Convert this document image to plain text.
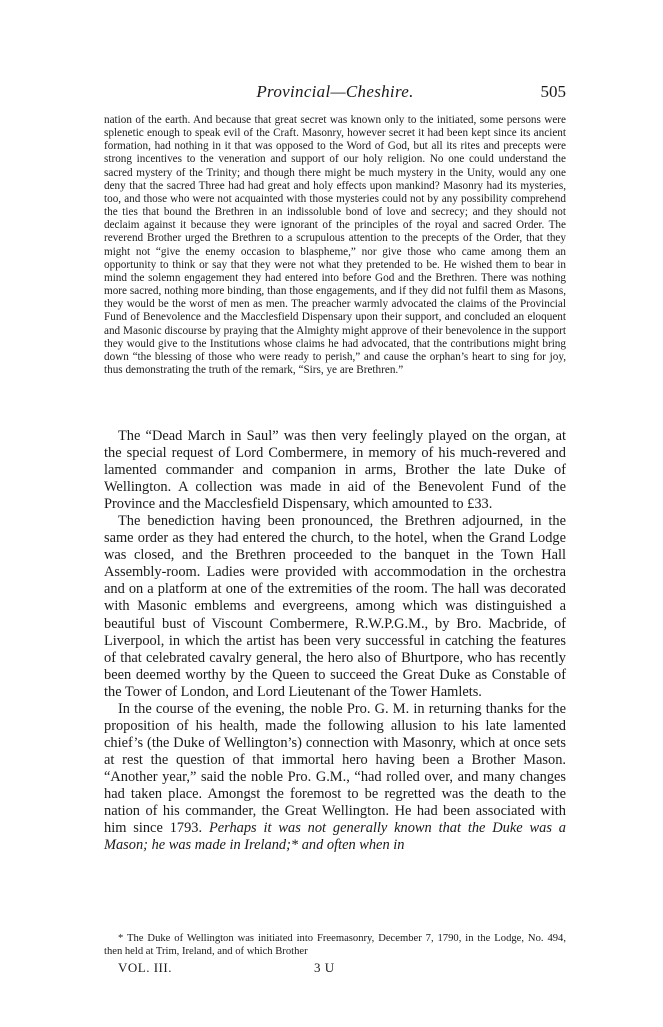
Provincial—Cheshire.	505

nation of the earth. And because that great secret was known only to the initiated, some persons were splenetic enough to speak evil of the Craft. Masonry, however secret it had been kept since its ancient formation, had nothing in it that was opposed to the Word of God, but all its rites and precepts were strong incentives to the veneration and support of our holy religion. No one could understand the sacred mystery of the Trinity; and though there might be much mystery in the Unity, would any one deny that the sacred Three had had great and holy effects upon mankind? Masonry had its mysteries, too, and those who were not acquainted with those mysteries could not by any possibility comprehend the ties that bound the Brethren in an indissoluble bond of love and secrecy; and they should not declaim against it because they were ignorant of the principles of the royal and sacred Order. The reverend Brother urged the Brethren to a scrupulous attention to the precepts of the Order, that they might not “give the enemy occasion to blaspheme,” nor give those who came among them an opportunity to think or say that they were not what they pretended to be. He wished them to bear in mind the solemn engagement they had entered into before God and the Brethren. There was nothing more sacred, nothing more binding, than those engagements, and if they did not fulfil them as Masons, they would be the worst of men as men. The preacher warmly advocated the claims of the Provincial Fund of Benevolence and the Macclesfield Dispensary upon their support, and concluded an eloquent and Masonic discourse by praying that the Almighty might approve of their benevolence in the support they would give to the Institutions whose claims he had advocated, that the contributions might bring down “the blessing of those who were ready to perish,” and cause the orphan’s heart to sing for joy, thus demonstrating the truth of the remark, “Sirs, ye are Brethren.”

The “Dead March in Saul” was then very feelingly played on the organ, at the special request of Lord Combermere, in memory of his much-revered and lamented commander and companion in arms, Brother the late Duke of Wellington. A collection was made in aid of the Benevolent Fund of the Province and the Macclesfield Dispensary, which amounted to £33.

The benediction having been pronounced, the Brethren adjourned, in the same order as they had entered the church, to the hotel, when the Grand Lodge was closed, and the Brethren proceeded to the banquet in the Town Hall Assembly-room. Ladies were provided with accommodation in the orchestra and on a platform at one of the extremities of the room. The hall was decorated with Masonic emblems and evergreens, among which was distinguished a beautiful bust of Viscount Combermere, R.W.P.G.M., by Bro. Macbride, of Liverpool, in which the artist has been very successful in catching the features of that celebrated cavalry general, the hero also of Bhurtpore, who has recently been deemed worthy by the Queen to succeed the Great Duke as Constable of the Tower of London, and Lord Lieutenant of the Tower Hamlets.

In the course of the evening, the noble Pro. G. M. in returning thanks for the proposition of his health, made the following allusion to his late lamented chief’s (the Duke of Wellington’s) connection with Masonry, which at once sets at rest the question of that immortal hero having been a Brother Mason. “Another year,” said the noble Pro. G.M., “had rolled over, and many changes had taken place. Amongst the foremost to be regretted was the death to the nation of his commander, the Great Wellington. He had been associated with him since 1793. Perhaps it was not generally known that the Duke was a Mason; he was made in Ireland;* and often when in

* The Duke of Wellington was initiated into Freemasonry, December 7, 1790, in the Lodge, No. 494, then held at Trim, Ireland, and of which Brother

VOL. III.	3 U
